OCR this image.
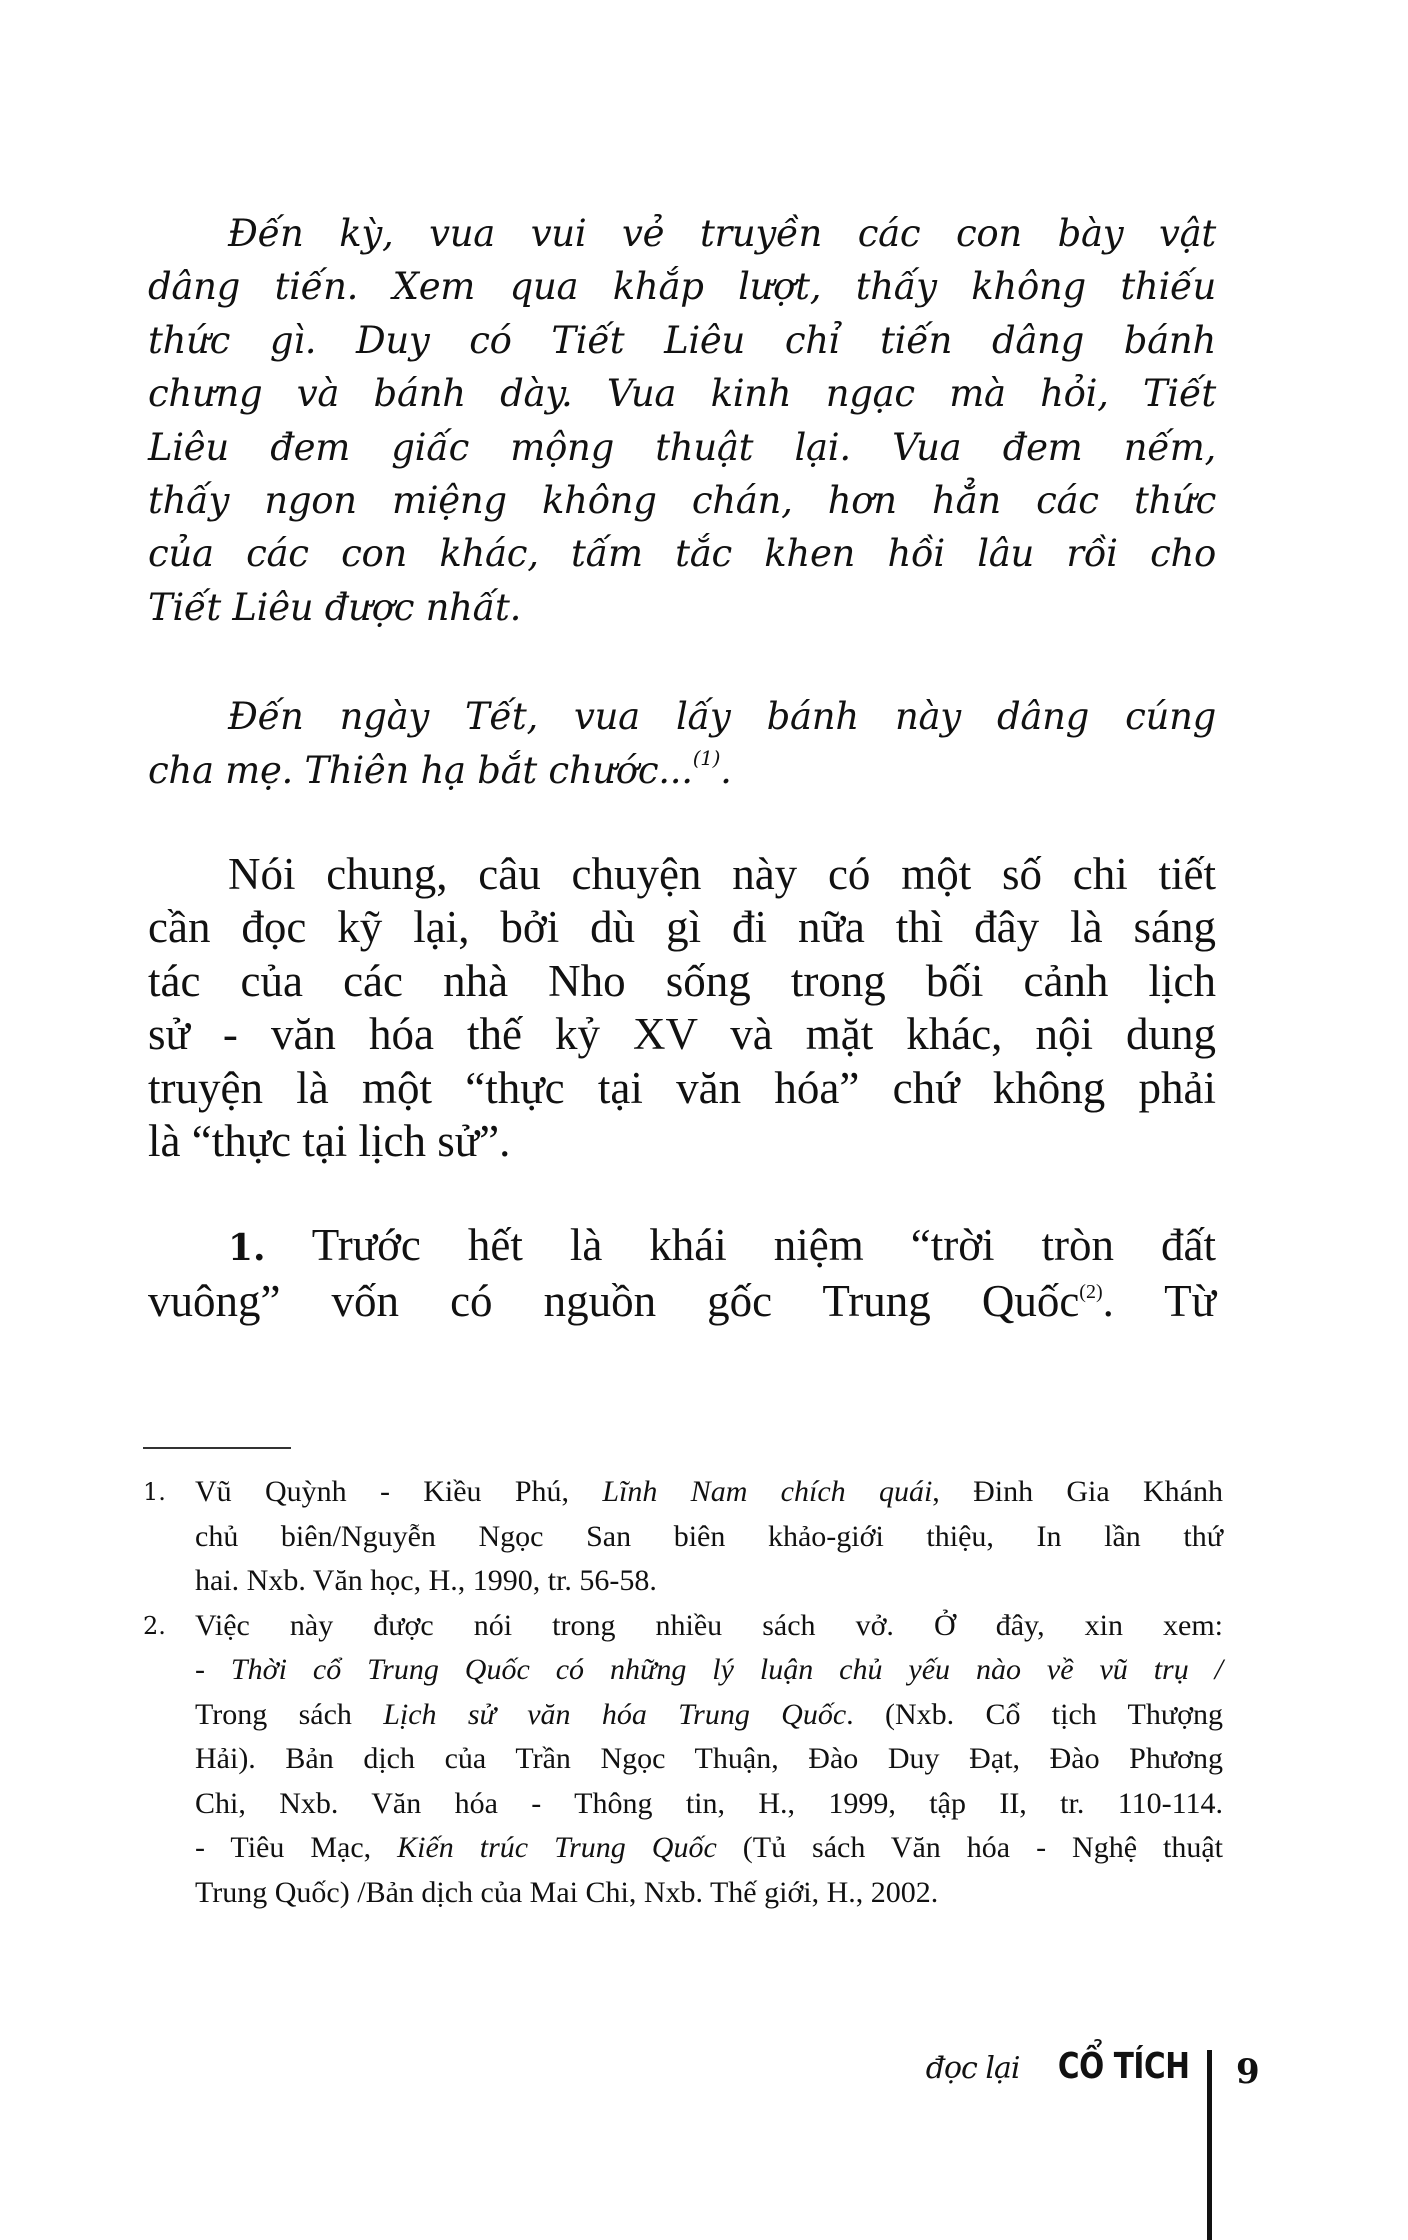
Đến kỳ, vua vui vẻ truyền các con bày vật
dâng tiến. Xem qua khắp lượt, thấy không thiếu
thức gì. Duy có Tiết Liêu chỉ tiến dâng bánh
chưng và bánh dày. Vua kinh ngạc mà hỏi, Tiết
Liêu đem giấc mộng thuật lại. Vua đem nếm,
thấy ngon miệng không chán, hơn hẳn các thức
của các con khác, tấm tắc khen hồi lâu rồi cho
Tiết Liêu được nhất.

Đến ngày Tết, vua lấy bánh này dâng cúng
cha mẹ. Thiên hạ bắt chước...$^{(1)}$.

Nói chung, câu chuyện này có một số chi tiết
cần đọc kỹ lại, bởi dù gì đi nữa thì đây là sáng
tác của các nhà Nho sống trong bối cảnh lịch
sử - văn hóa thế kỷ XV và mặt khác, nội dung
truyện là một “thực tại văn hóa” chứ không phải
là “thực tại lịch sử”.

1. Trước hết là khái niệm “trời tròn đất
vuông” vốn có nguồn gốc Trung Quốc$^{(2)}$. Từ

1. Vũ Quỳnh - Kiều Phú, Lĩnh Nam chích quái, Đinh Gia Khánh
chủ biên/Nguyễn Ngọc San biên khảo-giới thiệu, In lần thứ
hai. Nxb. Văn học, H., 1990, tr. 56-58.
2. Việc này được nói trong nhiều sách vở. Ở đây, xin xem:
- Thời cổ Trung Quốc có những lý luận chủ yếu nào về vũ trụ /
Trong sách Lịch sử văn hóa Trung Quốc. (Nxb. Cổ tịch Thượng
Hải). Bản dịch của Trần Ngọc Thuận, Đào Duy Đạt, Đào Phương
Chi, Nxb. Văn hóa - Thông tin, H., 1999, tập II, tr. 110-114.
- Tiêu Mạc, Kiến trúc Trung Quốc (Tủ sách Văn hóa - Nghệ thuật
Trung Quốc) /Bản dịch của Mai Chi, Nxb. Thế giới, H., 2002.
đọc lại CỔ TÍCH 9
